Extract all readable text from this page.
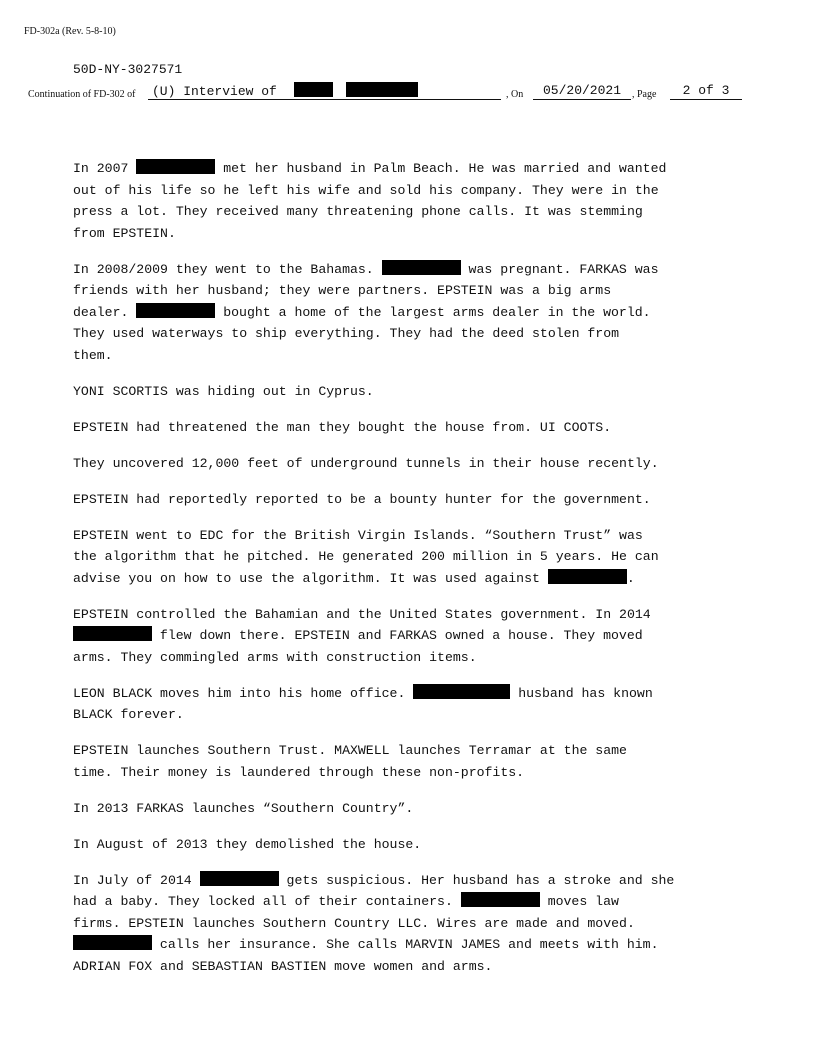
FD-302a (Rev. 5-8-10)
50D-NY-3027571
Continuation of FD-302 of	(U) Interview of	, On	05/20/2021	, Page	2 of 3

In 2007	met her husband in Palm Beach. He was married and wanted
out of his life so he left his wife and sold his company. They were in the
press a lot. They received many threatening phone calls. It was stemming
from EPSTEIN.

In 2008/2009 they went to the Bahamas.	was pregnant. FARKAS was
friends with her husband; they were partners. EPSTEIN was a big arms
dealer.	bought a home of the largest arms dealer in the world.
They used waterways to ship everything. They had the deed stolen from
them.

YONI SCORTIS was hiding out in Cyprus.

EPSTEIN had threatened the man they bought the house from. UI COOTS.

They uncovered 12,000 feet of underground tunnels in their house recently.

EPSTEIN had reportedly reported to be a bounty hunter for the government.

EPSTEIN went to EDC for the British Virgin Islands. “Southern Trust” was
the algorithm that he pitched. He generated 200 million in 5 years. He can
advise you on how to use the algorithm. It was used against	.

EPSTEIN controlled the Bahamian and the United States government. In 2014
flew down there. EPSTEIN and FARKAS owned a house. They moved
arms. They commingled arms with construction items.

LEON BLACK moves him into his home office.	husband has known
BLACK forever.

EPSTEIN launches Southern Trust. MAXWELL launches Terramar at the same
time. Their money is laundered through these non-profits.

In 2013 FARKAS launches “Southern Country”.

In August of 2013 they demolished the house.

In July of 2014	gets suspicious. Her husband has a stroke and she
had a baby. They locked all of their containers.	moves law
firms. EPSTEIN launches Southern Country LLC. Wires are made and moved.
calls her insurance. She calls MARVIN JAMES and meets with him.
ADRIAN FOX and SEBASTIAN BASTIEN move women and arms.
